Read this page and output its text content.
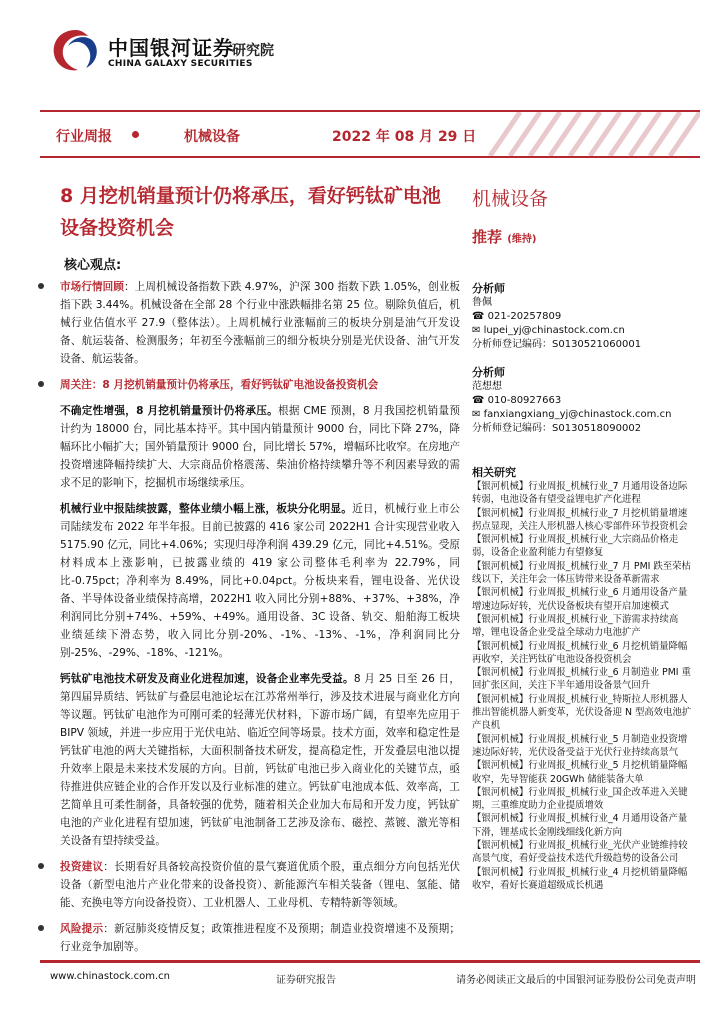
中国银河证券
研究院
CHINA GALAXY SECURITIES
行业周报	机械设备	2022 年 08 月 29 日
8 月挖机销量预计仍将承压，看好钙钛矿电池设备投资机会
机械设备
推荐 (维持)
核心观点:
市场行情回顾：上周机械设备指数下跌 4.97%，沪深 300 指数下跌 1.05%，创业板指下跌 3.44%。机械设备在全部 28 个行业中涨跌幅排名第 25 位。剔除负值后，机械行业估值水平 27.9（整体法）。上周机械行业涨幅前三的板块分别是油气开发设备、航运装备、检测服务；年初至今涨幅前三的细分板块分别是光伏设备、油气开发设备、航运装备。
周关注：8 月挖机销量预计仍将承压，看好钙钛矿电池设备投资机会
不确定性增强，8 月挖机销量预计仍将承压。根据 CME 预测，8 月我国挖机销量预计约为 18000 台，同比基本持平。其中国内销量预计 9000 台，同比下降 27%，降幅环比小幅扩大；国外销量预计 9000 台，同比增长 57%，增幅环比收窄。在房地产投资增速降幅持续扩大、大宗商品价格震荡、柴油价格持续攀升等不利因素导致的需求不足的影响下，挖掘机市场继续承压。
机械行业中报陆续披露，整体业绩小幅上涨，板块分化明显。近日，机械行业上市公司陆续发布 2022 年半年报。目前已披露的 416 家公司 2022H1 合计实现营业收入 5175.90 亿元，同比+4.06%；实现归母净利润 439.29 亿元，同比+4.51%。受原材料成本上涨影响，已披露业绩的 419 家公司整体毛利率为 22.79%，同比-0.75pct；净利率为 8.49%，同比+0.04pct。分板块来看，锂电设备、光伏设备、半导体设备业绩保持高增，2022H1 收入同比分别+88%、+37%、+38%，净利润同比分别+74%、+59%、+49%。通用设备、3C 设备、轨交、船舶海工板块业绩延续下滑态势，收入同比分别-20%、-1%、-13%、-1%，净利润同比分别-25%、-29%、-18%、-121%。
钙钛矿电池技术研发及商业化进程加速，设备企业率先受益。8 月 25 日至 26 日，第四届异质结、钙钛矿与叠层电池论坛在江苏常州举行，涉及技术进展与商业化方向等议题。钙钛矿电池作为可刚可柔的轻薄光伏材料，下游市场广阔，有望率先应用于 BIPV 领域，并进一步应用于光伏电站、临近空间等场景。技术方面，效率和稳定性是钙钛矿电池的两大关键指标，大面积制备技术研发，提高稳定性，开发叠层电池以提升效率上限是未来技术发展的方向。目前，钙钛矿电池已步入商业化的关键节点，亟待推进供应链企业的合作开发以及行业标准的建立。钙钛矿电池成本低、效率高，工艺简单且可柔性制备，具备较强的优势，随着相关企业加大布局和开发力度，钙钛矿电池的产业化进程有望加速，钙钛矿电池制备工艺涉及涂布、磁控、蒸镀、激光等相关设备有望持续受益。
投资建议：长期看好具备较高投资价值的景气赛道优质个股，重点细分方向包括光伏设备（新型电池片产业化带来的设备投资）、新能源汽车相关装备（锂电、氢能、储能、充换电等方向设备投资）、工业机器人、工业母机、专精特新等领域。
风险提示：新冠肺炎疫情反复；政策推进程度不及预期；制造业投资增速不及预期；行业竞争加剧等。
分析师
鲁佩
☎ 021-20257809
✉ lupei_yj@chinastock.com.cn
分析师登记编码：S0130521060001
分析师
范想想
☎ 010-80927663
✉ fanxiangxiang_yj@chinastock.com.cn
分析师登记编码：S0130518090002
相关研究

【银河机械】行业周报_机械行业_7 月通用设备边际转弱，电池设备有望受益锂电扩产化进程

【银河机械】行业周报_机械行业_7 月挖机销量增速拐点显现，关注人形机器人核心零部件环节投资机会

【银河机械】行业周报_机械行业_大宗商品价格走弱，设备企业盈利能力有望修复

【银河机械】行业周报_机械行业_7 月 PMI 跌至荣枯线以下，关注年会一体压铸带来设备革新需求

【银河机械】行业周报_机械行业_6 月通用设备产量增速边际好转，光伏设备板块有望开启加速模式

【银河机械】行业周报_机械行业_下游需求持续高增，锂电设备企业受益全球动力电池扩产

【银河机械】行业周报_机械行业_6 月挖机销量降幅再收窄，关注钙钛矿电池设备投资机会

【银河机械】行业周报_机械行业_6 月制造业 PMI 重回扩张区间，关注下半年通用设备景气回升

【银河机械】行业周报_机械行业_特斯拉人形机器人推出智能机器人新变革，光伏设备迎 N 型高效电池扩产良机

【银河机械】行业周报_机械行业_5 月制造业投资增速边际好转，光伏设备受益于光伏行业持续高景气

【银河机械】行业周报_机械行业_5 月挖机销量降幅收窄，先导智能获 20GWh 储能装备大单

【银河机械】行业周报_机械行业_国企改革进入关键期，三重维度助力企业提质增效

【银河机械】行业周报_机械行业_4 月通用设备产量下滑，锂基成长金刚线细线化新方向

【银河机械】行业周报_机械行业_光伏产业链维持较高景气度，看好受益技术迭代升级趋势的设备公司

【银河机械】行业周报_机械行业_4 月挖机销量降幅收窄，看好长赛道超级成长机遇

www.chinastock.com.cn	证券研究报告	请务必阅读正文最后的中国银河证券股份公司免责声明
